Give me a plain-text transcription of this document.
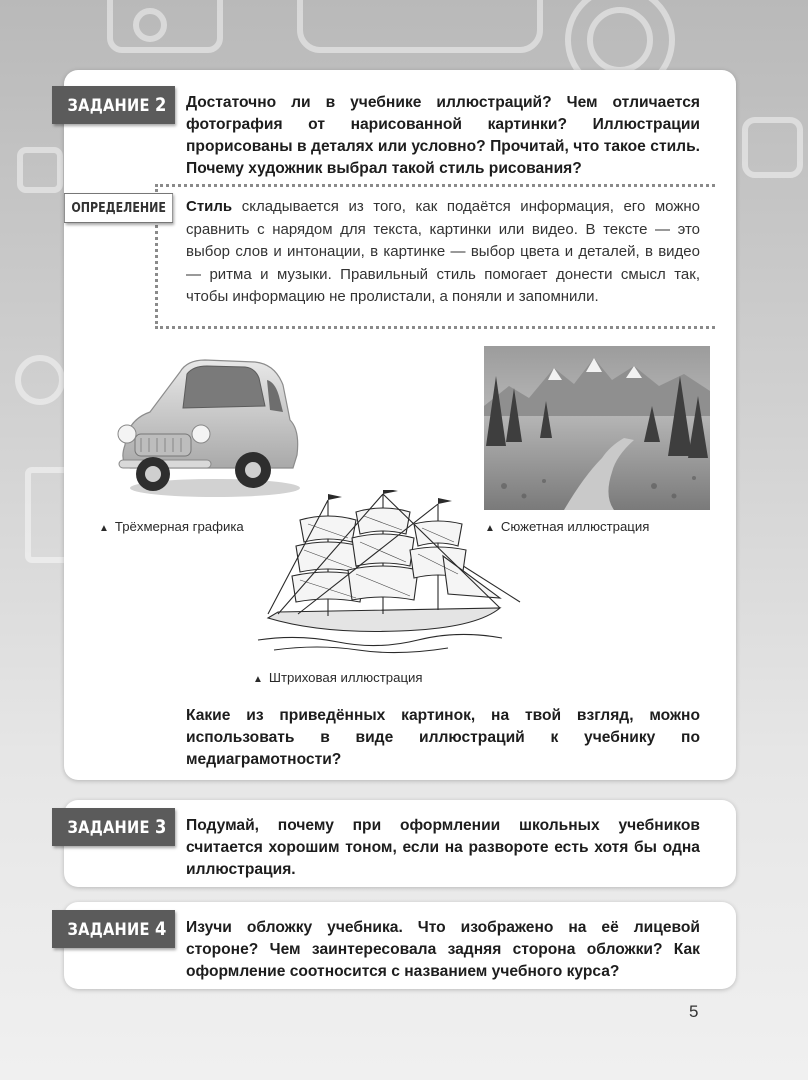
ЗАДАНИЕ 2	Достаточно ли в учебнике иллюстраций? Чем отличается фотография от нарисованной картинки? Иллюстрации прорисованы в деталях или условно? Прочитай, что такое стиль. Почему художник выбрал такой стиль рисования?
ОПРЕДЕЛЕНИЕ	Стиль складывается из того, как подаётся информация, его можно сравнить с нарядом для текста, картинки или видео. В тексте — это выбор слов и интонации, в картинке — выбор цвета и деталей, в видео — ритма и музыки. Правильный стиль помогает донести смысл так, чтобы информацию не пролистали, а поняли и запомнили.
▲ Трёхмерная графика	▲ Сюжетная иллюстрация
▲ Штриховая иллюстрация
Какие из приведённых картинок, на твой взгляд, можно использовать в виде иллюстраций к учебнику по медиаграмотности?
ЗАДАНИЕ 3	Подумай, почему при оформлении школьных учебников считается хорошим тоном, если на развороте есть хотя бы одна иллюстрация.
ЗАДАНИЕ 4	Изучи обложку учебника. Что изображено на её лицевой стороне? Чем заинтересовала задняя сторона обложки? Как оформление соотносится с названием учебного курса?
5
